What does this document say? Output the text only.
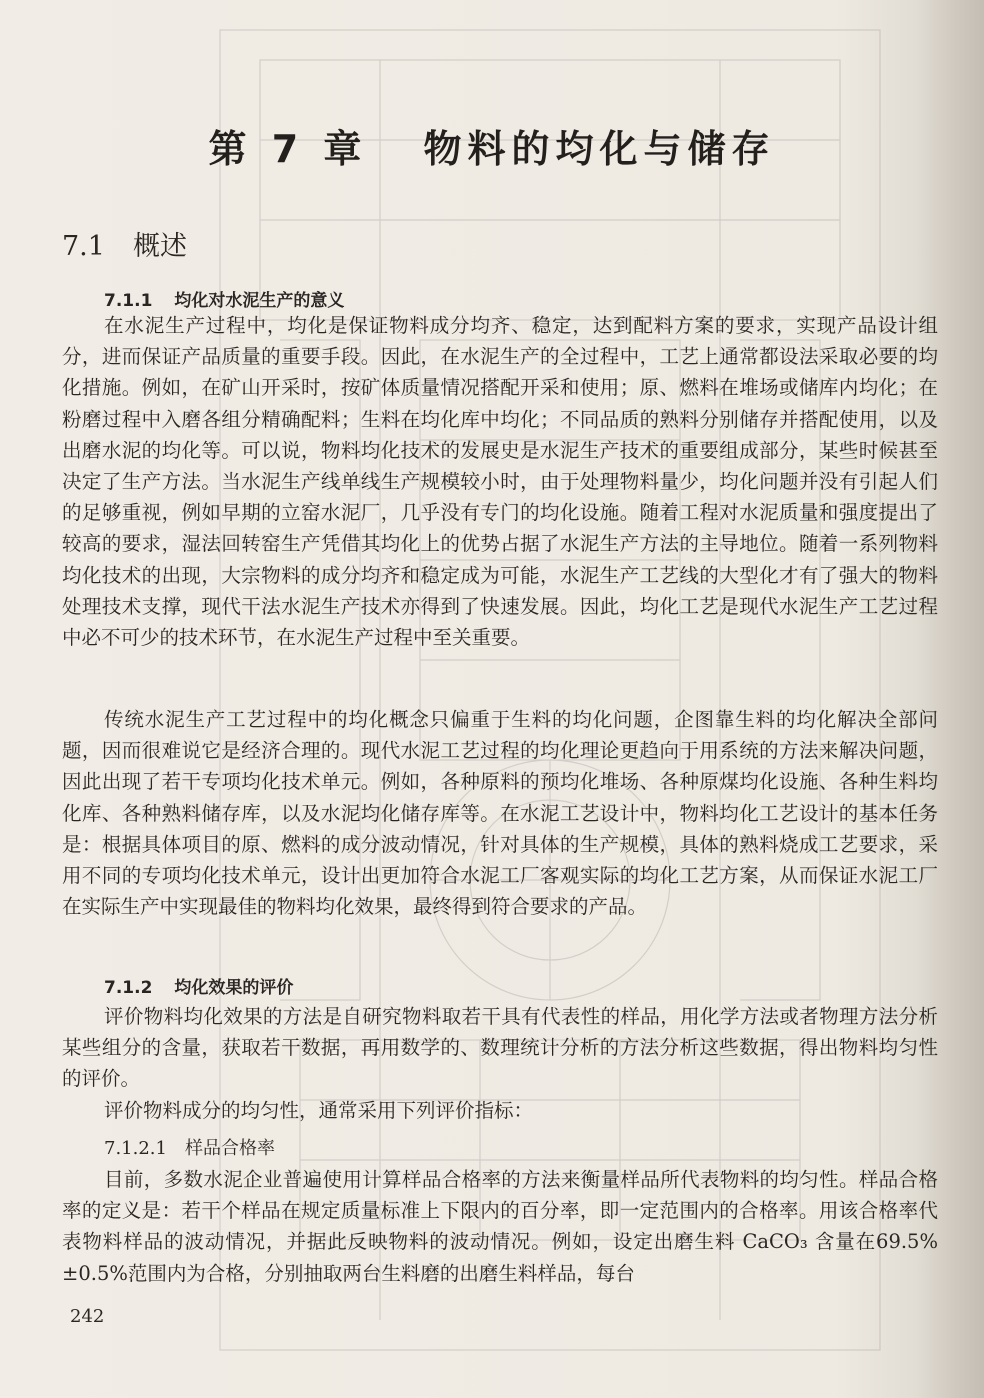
第 7 章 物料的均化与储存
7.1 概述
7.1.1 均化对水泥生产的意义

在水泥生产过程中，均化是保证物料成分均齐、稳定，达到配料方案的要求，实现产品设计组分，进而保证产品质量的重要手段。因此，在水泥生产的全过程中，工艺上通常都设法采取必要的均化措施。例如，在矿山开采时，按矿体质量情况搭配开采和使用；原、燃料在堆场或储库内均化；在粉磨过程中入磨各组分精确配料；生料在均化库中均化；不同品质的熟料分别储存并搭配使用，以及出磨水泥的均化等。可以说，物料均化技术的发展史是水泥生产技术的重要组成部分，某些时候甚至决定了生产方法。当水泥生产线单线生产规模较小时，由于处理物料量少，均化问题并没有引起人们的足够重视，例如早期的立窑水泥厂，几乎没有专门的均化设施。随着工程对水泥质量和强度提出了较高的要求，湿法回转窑生产凭借其均化上的优势占据了水泥生产方法的主导地位。随着一系列物料均化技术的出现，大宗物料的成分均齐和稳定成为可能，水泥生产工艺线的大型化才有了强大的物料处理技术支撑，现代干法水泥生产技术亦得到了快速发展。因此，均化工艺是现代水泥生产工艺过程中必不可少的技术环节，在水泥生产过程中至关重要。

传统水泥生产工艺过程中的均化概念只偏重于生料的均化问题，企图靠生料的均化解决全部问题，因而很难说它是经济合理的。现代水泥工艺过程的均化理论更趋向于用系统的方法来解决问题，因此出现了若干专项均化技术单元。例如，各种原料的预均化堆场、各种原煤均化设施、各种生料均化库、各种熟料储存库，以及水泥均化储存库等。在水泥工艺设计中，物料均化工艺设计的基本任务是：根据具体项目的原、燃料的成分波动情况，针对具体的生产规模，具体的熟料烧成工艺要求，采用不同的专项均化技术单元，设计出更加符合水泥工厂客观实际的均化工艺方案，从而保证水泥工厂在实际生产中实现最佳的物料均化效果，最终得到符合要求的产品。

7.1.2 均化效果的评价

评价物料均化效果的方法是自研究物料取若干具有代表性的样品，用化学方法或者物理方法分析某些组分的含量，获取若干数据，再用数学的、数理统计分析的方法分析这些数据，得出物料均匀性的评价。

评价物料成分的均匀性，通常采用下列评价指标：

7.1.2.1 样品合格率

目前，多数水泥企业普遍使用计算样品合格率的方法来衡量样品所代表物料的均匀性。样品合格率的定义是：若干个样品在规定质量标准上下限内的百分率，即一定范围内的合格率。用该合格率代表物料样品的波动情况，并据此反映物料的波动情况。例如，设定出磨生料 CaCO₃ 含量在69.5% ±0.5%范围内为合格，分别抽取两台生料磨的出磨生料样品，每台

242
